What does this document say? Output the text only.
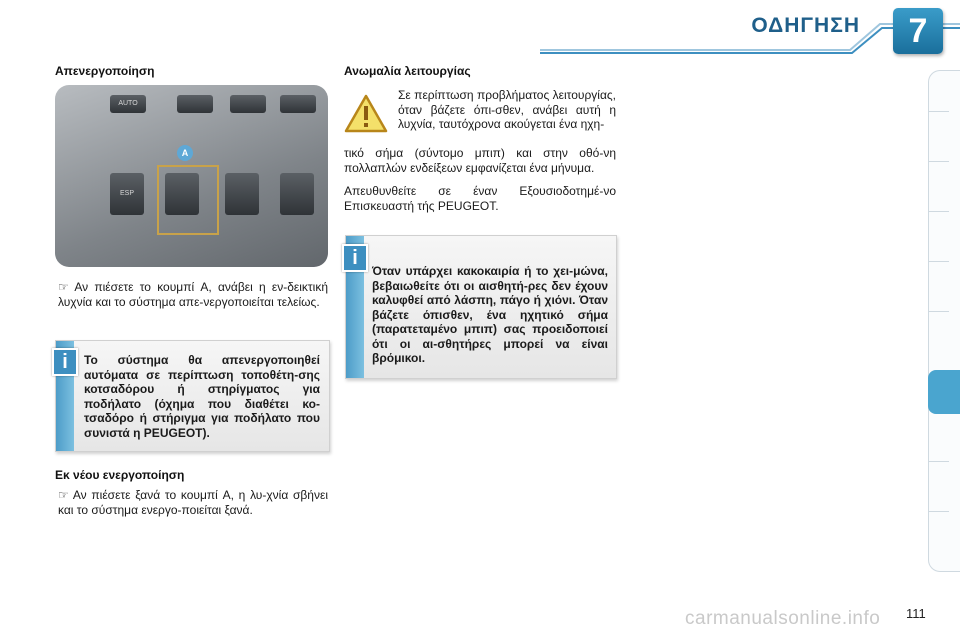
ΟΔΗΓΗΣΗ	7
Απενεργοποίηση
AUTO
ESP
A
☞ Αν πιέσετε το κουμπί A, ανάβει η εν-δεικτική λυχνία και το σύστημα απε-νεργοποιείται τελείως.
Το σύστημα θα απενεργοποιηθεί αυτόματα σε περίπτωση τοποθέτη-σης κοτσαδόρου ή στηρίγματος για ποδήλατο (όχημα που διαθέτει κο-τσαδόρο ή στήριγμα για ποδήλατο που συνιστά η PEUGEOT).
i
Εκ νέου ενεργοποίηση
☞ Αν πιέσετε ξανά το κουμπί A, η λυ-χνία σβήνει και το σύστημα ενεργο-ποιείται ξανά.
Ανωμαλία λειτουργίας
Σε περίπτωση προβλήματος λειτουργίας, όταν βάζετε όπι-σθεν, ανάβει αυτή η λυχνία, ταυτόχρονα ακούγεται ένα ηχη-
τικό σήμα (σύντομο μπιπ) και στην οθό-νη πολλαπλών ενδείξεων εμφανίζεται ένα μήνυμα.
Απευθυνθείτε σε έναν Εξουσιοδοτημέ-νο Επισκευαστή τής PEUGEOT.
Όταν υπάρχει κακοκαιρία ή το χει-μώνα, βεβαιωθείτε ότι οι αισθητή-ρες δεν έχουν καλυφθεί από λάσπη, πάγο ή χιόνι. Όταν βάζετε όπισθεν, ένα ηχητικό σήμα (παρατεταμένο μπιπ) σας προειδοποιεί ότι οι αι-σθητήρες μπορεί να είναι βρόμικοι.
i
carmanualsonline.info 111
